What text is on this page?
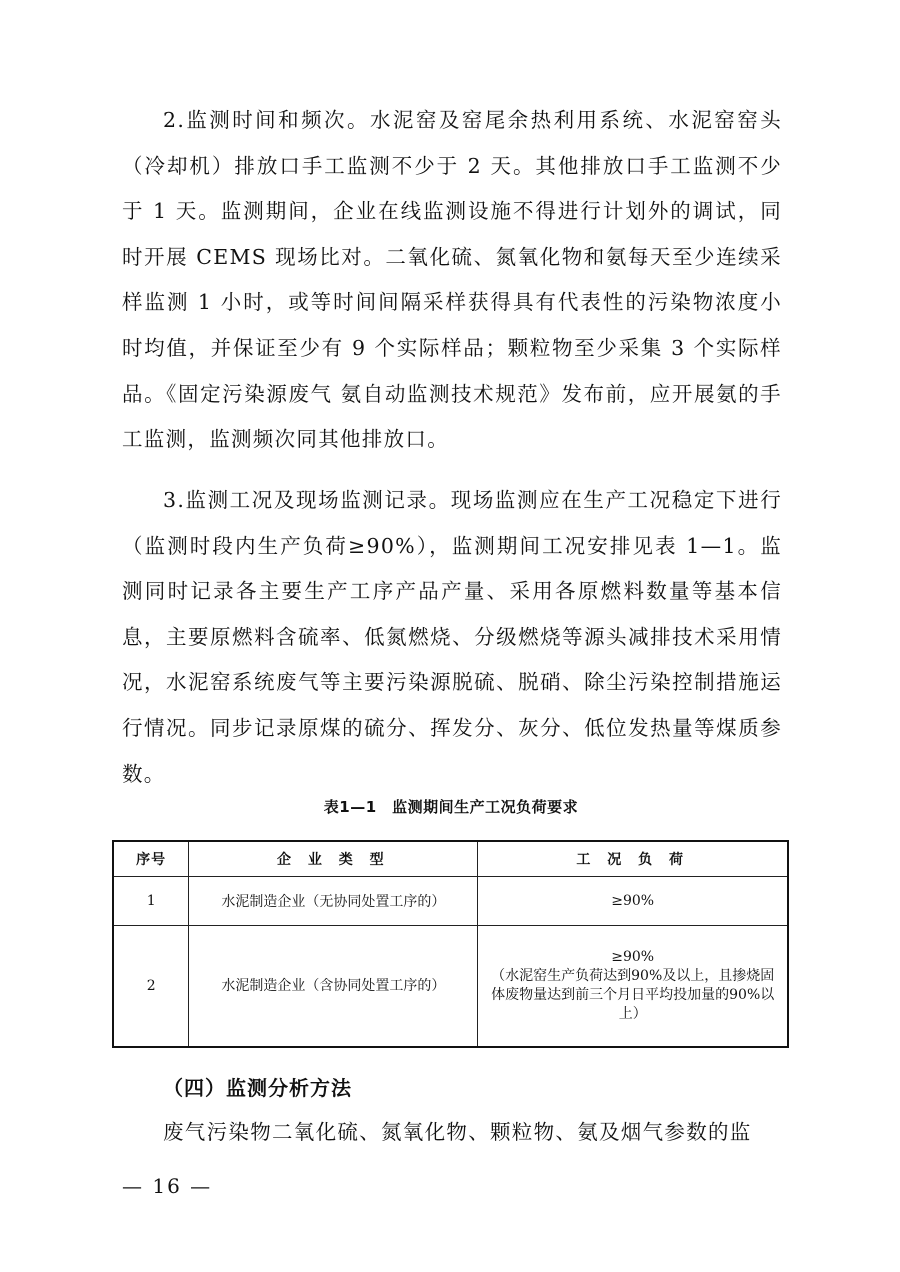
2.监测时间和频次。水泥窑及窑尾余热利用系统、水泥窑窑头（冷却机）排放口手工监测不少于 2 天。其他排放口手工监测不少于 1 天。监测期间，企业在线监测设施不得进行计划外的调试，同时开展 CEMS 现场比对。二氧化硫、氮氧化物和氨每天至少连续采样监测 1 小时，或等时间间隔采样获得具有代表性的污染物浓度小时均值，并保证至少有 9 个实际样品；颗粒物至少采集 3 个实际样品。《固定污染源废气 氨自动监测技术规范》发布前，应开展氨的手工监测，监测频次同其他排放口。

3.监测工况及现场监测记录。现场监测应在生产工况稳定下进行（监测时段内生产负荷≥90%），监测期间工况安排见表 1—1。监测同时记录各主要生产工序产品产量、采用各原燃料数量等基本信息，主要原燃料含硫率、低氮燃烧、分级燃烧等源头减排技术采用情况，水泥窑系统废气等主要污染源脱硫、脱硝、除尘污染控制措施运行情况。同步记录原煤的硫分、挥发分、灰分、低位发热量等煤质参数。

表1—1　监测期间生产工况负荷要求
序号	企 业 类 型	工 况 负 荷
1	水泥制造企业（无协同处置工序的）	≥90%
2	水泥制造企业（含协同处置工序的）	≥90%
（水泥窑生产负荷达到90%及以上，且掺烧固体废物量达到前三个月日平均投加量的90%以上）
（四）监测分析方法

废气污染物二氧化硫、氮氧化物、颗粒物、氨及烟气参数的监

— 16 —
